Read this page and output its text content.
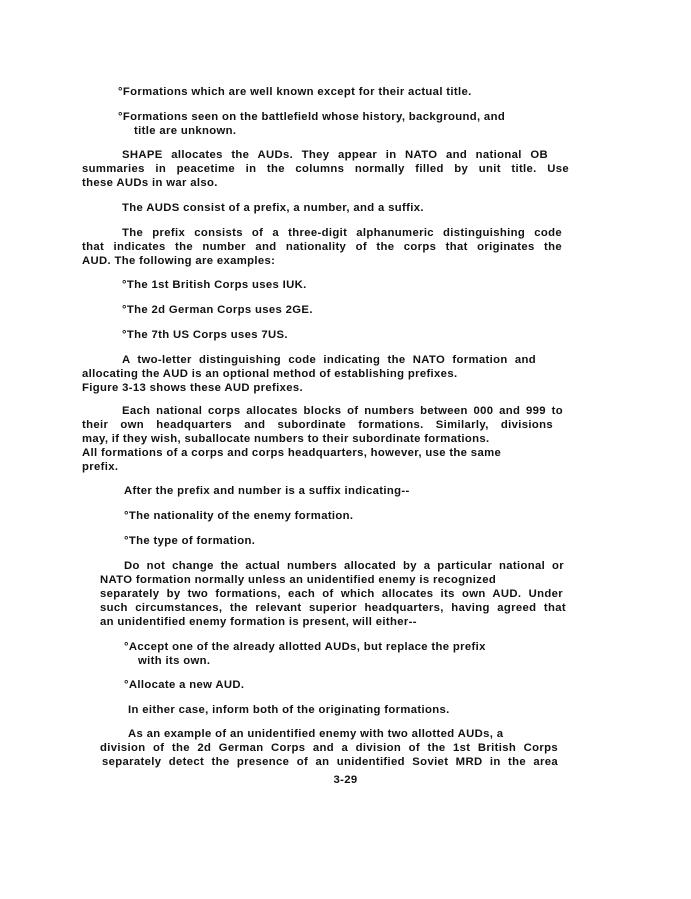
°Formations which are well known except for their actual title.
°Formations seen on the battlefield whose history, background, and
title are unknown.
SHAPE allocates the AUDs. They appear in NATO and national OB
summaries in peacetime in the columns normally filled by unit title. Use
these AUDs in war also.
The AUDS consist of a prefix, a number, and a suffix.
The prefix consists of a three-digit alphanumeric distinguishing code
that indicates the number and nationality of the corps that originates the
AUD. The following are examples:
°The 1st British Corps uses IUK.
°The 2d German Corps uses 2GE.
°The 7th US Corps uses 7US.
A two-letter distinguishing code indicating the NATO formation and
allocating the AUD is an optional method of establishing prefixes.
Figure 3-13 shows these AUD prefixes.
Each national corps allocates blocks of numbers between 000 and 999 to
their own headquarters and subordinate formations. Similarly, divisions
may, if they wish, suballocate numbers to their subordinate formations.
All formations of a corps and corps headquarters, however, use the same
prefix.
After the prefix and number is a suffix indicating--
°The nationality of the enemy formation.
°The type of formation.
Do not change the actual numbers allocated by a particular national or
NATO formation normally unless an unidentified enemy is recognized
separately by two formations, each of which allocates its own AUD. Under
such circumstances, the relevant superior headquarters, having agreed that
an unidentified enemy formation is present, will either--
°Accept one of the already allotted AUDs, but replace the prefix
with its own.
°Allocate a new AUD.
In either case, inform both of the originating formations.
As an example of an unidentified enemy with two allotted AUDs, a
division of the 2d German Corps and a division of the 1st British Corps
separately detect the presence of an unidentified Soviet MRD in the area
3-29
